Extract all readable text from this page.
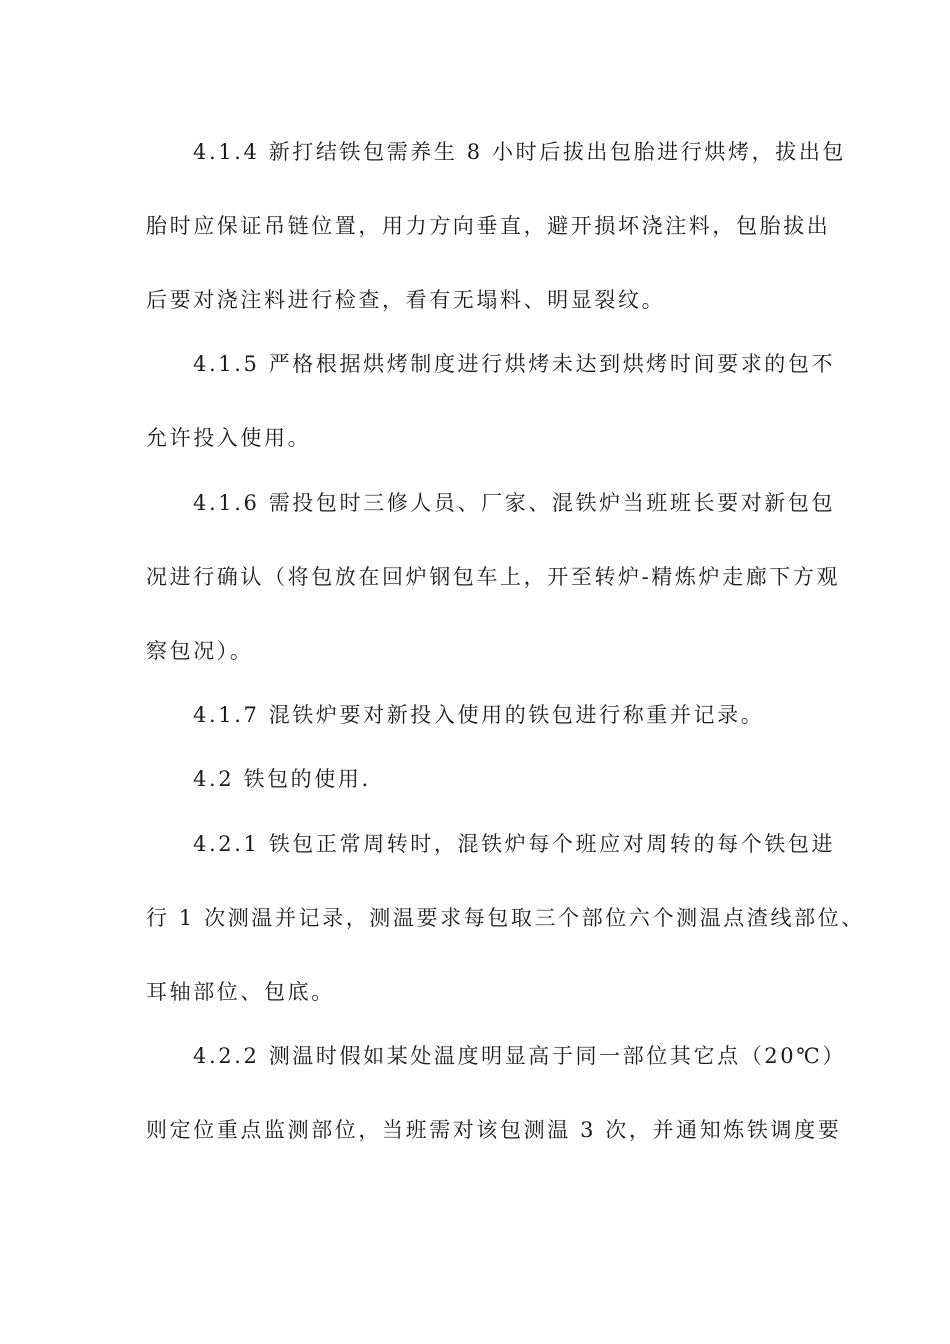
4.1.4 新打结铁包需养生 8 小时后拔出包胎进行烘烤，拔出包
胎时应保证吊链位置，用力方向垂直，避开损坏浇注料，包胎拔出
后要对浇注料进行检查，看有无塌料、明显裂纹。
4.1.5 严格根据烘烤制度进行烘烤未达到烘烤时间要求的包不
允许投入使用。
4.1.6 需投包时三修人员、厂家、混铁炉当班班长要对新包包
况进行确认（将包放在回炉钢包车上，开至转炉-精炼炉走廊下方观
察包况）。
4.1.7 混铁炉要对新投入使用的铁包进行称重并记录。
4.2 铁包的使用.
4.2.1 铁包正常周转时，混铁炉每个班应对周转的每个铁包进
行 1 次测温并记录，测温要求每包取三个部位六个测温点渣线部位、
耳轴部位、包底。
4.2.2 测温时假如某处温度明显高于同一部位其它点（20℃）
则定位重点监测部位，当班需对该包测温 3 次，并通知炼铁调度要
